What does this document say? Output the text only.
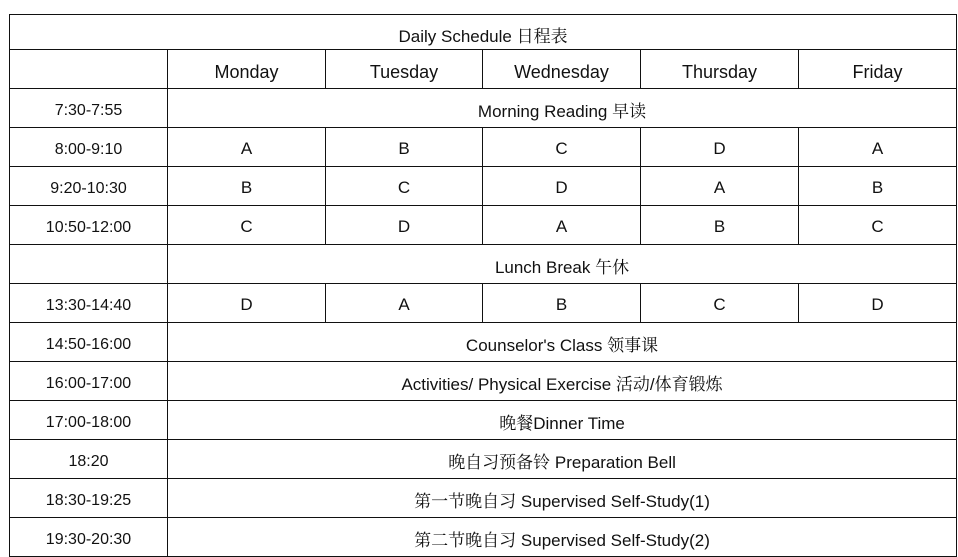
Daily Schedule 日程表					
	Monday	Tuesday	Wednesday	Thursday	Friday
7:30-7:55	Morning Reading 早读				
8:00-9:10	A	B	C	D	A
9:20-10:30	B	C	D	A	B
10:50-12:00	C	D	A	B	C
	Lunch Break 午休				
13:30-14:40	D	A	B	C	D
14:50-16:00	Counselor's Class 领事课				
16:00-17:00	Activities/ Physical Exercise 活动/体育锻炼				
17:00-18:00	晚餐Dinner Time				
18:20	晚自习预备铃 Preparation Bell				
18:30-19:25	第一节晚自习 Supervised Self-Study(1)				
19:30-20:30	第二节晚自习 Supervised Self-Study(2)				
